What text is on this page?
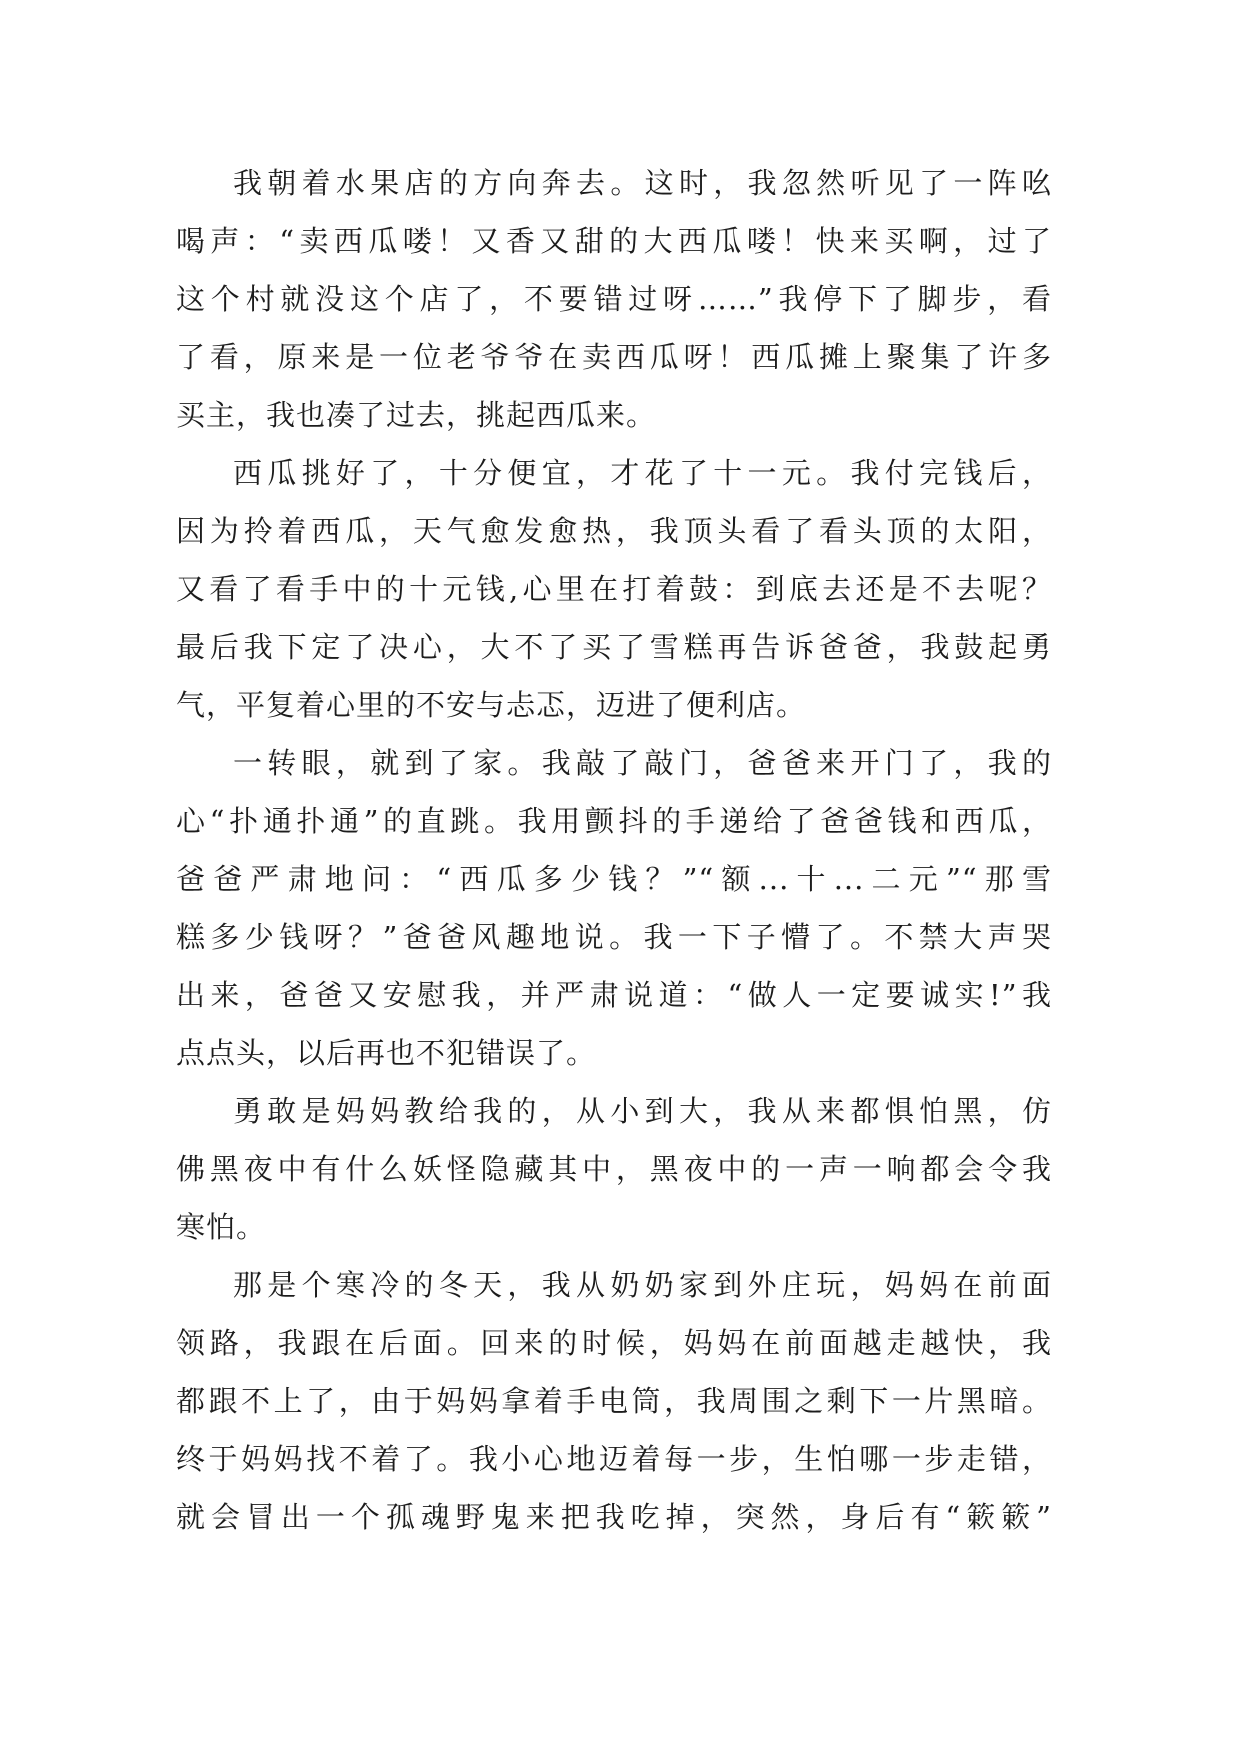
我朝着水果店的方向奔去。这时，我忽然听见了一阵吆
喝声：“卖西瓜喽！又香又甜的大西瓜喽！快来买啊，过了
这个村就没这个店了，不要错过呀……”我停下了脚步，看
了看，原来是一位老爷爷在卖西瓜呀！西瓜摊上聚集了许多
买主，我也凑了过去，挑起西瓜来。
西瓜挑好了，十分便宜，才花了十一元。我付完钱后，
因为拎着西瓜，天气愈发愈热，我顶头看了看头顶的太阳，
又看了看手中的十元钱,心里在打着鼓：到底去还是不去呢？
最后我下定了决心，大不了买了雪糕再告诉爸爸，我鼓起勇
气，平复着心里的不安与忐忑，迈进了便利店。
一转眼，就到了家。我敲了敲门，爸爸来开门了，我的
心“扑通扑通”的直跳。我用颤抖的手递给了爸爸钱和西瓜，
爸爸严肃地问：“西瓜多少钱？”“额...十...二元”“那雪
糕多少钱呀？”爸爸风趣地说。我一下子懵了。不禁大声哭
出来，爸爸又安慰我，并严肃说道：“做人一定要诚实!”我
点点头，以后再也不犯错误了。
勇敢是妈妈教给我的，从小到大，我从来都惧怕黑，仿
佛黑夜中有什么妖怪隐藏其中，黑夜中的一声一响都会令我
寒怕。
那是个寒冷的冬天，我从奶奶家到外庄玩，妈妈在前面
领路，我跟在后面。回来的时候，妈妈在前面越走越快，我
都跟不上了，由于妈妈拿着手电筒，我周围之剩下一片黑暗。
终于妈妈找不着了。我小心地迈着每一步，生怕哪一步走错，
就会冒出一个孤魂野鬼来把我吃掉，突然，身后有“簌簌”
